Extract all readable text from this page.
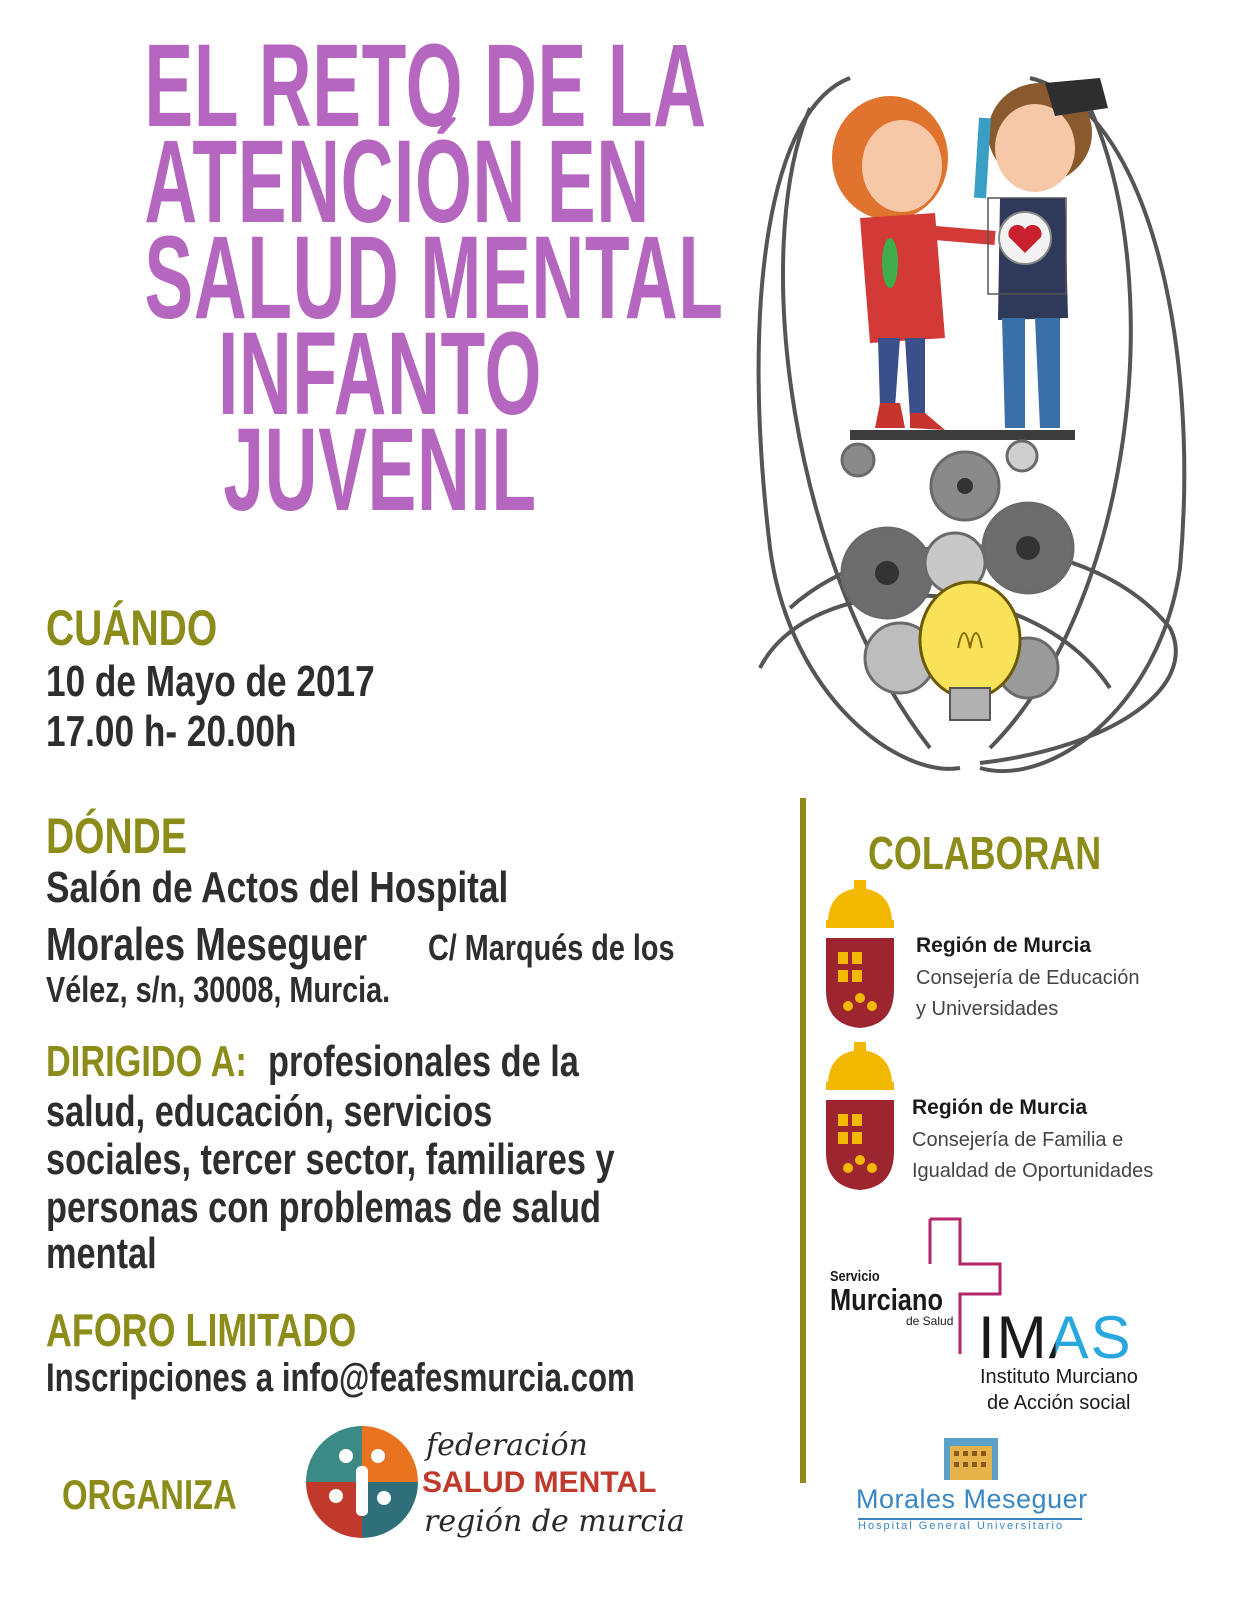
EL RETO DE LA
ATENCIÓN EN
SALUD MENTAL
INFANTO
JUVENIL
CUÁNDO
10 de Mayo de 2017
17.00 h- 20.00h
DÓNDE
Salón de Actos del Hospital
Morales Meseguer C/ Marqués de los
Vélez, s/n, 30008, Murcia.
DIRIGIDO A: profesionales de la
salud, educación, servicios
sociales, tercer sector, familiares y
personas con problemas de salud
mental
AFORO LIMITADO
Inscripciones a info@feafesmurcia.com
ORGANIZA
federación
SALUD MENTAL
región de murcia
COLABORAN
Región de Murcia
Consejería de Educación
y Universidades
Región de Murcia
Consejería de Familia e
Igualdad de Oportunidades
Servicio
Murciano
de Salud IMAS
Instituto Murciano
de Acción social
Morales Meseguer
Hospital General Universitario
